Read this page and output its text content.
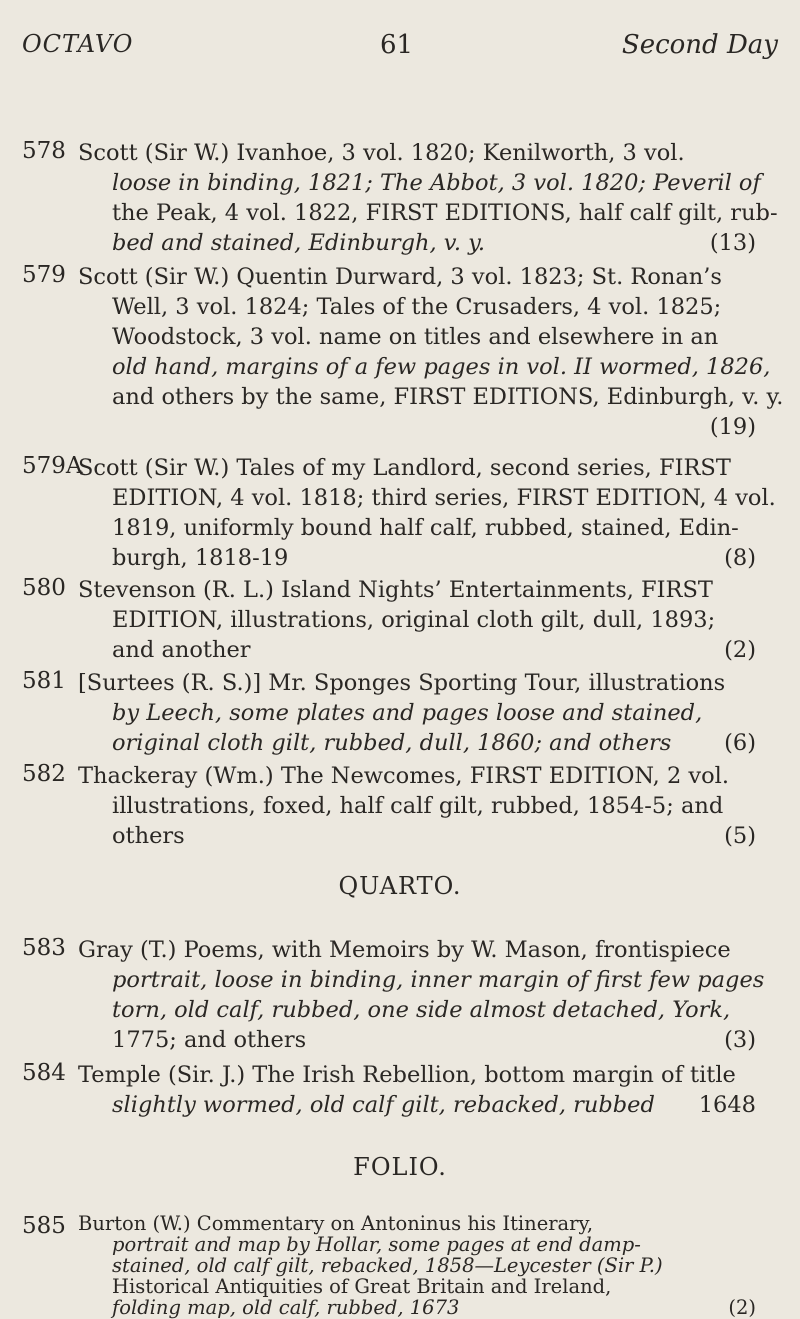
OCTAVO	61	Second Day
578 Scott (Sir W.) Ivanhoe, 3 vol. 1820; Kenilworth, 3 vol.
loose in binding, 1821; The Abbot, 3 vol. 1820; Peveril of
the Peak, 4 vol. 1822, FIRST EDITIONS, half calf gilt, rub-
bed and stained, Edinburgh, v. y.	(13)
579 Scott (Sir W.) Quentin Durward, 3 vol. 1823; St. Ronan’s
Well, 3 vol. 1824; Tales of the Crusaders, 4 vol. 1825;
Woodstock, 3 vol. name on titles and elsewhere in an
old hand, margins of a few pages in vol. II wormed, 1826,
and others by the same, FIRST EDITIONS, Edinburgh, v. y.
(19)

579A
Scott (Sir W.) Tales of my Landlord, second series, FIRST
EDITION, 4 vol. 1818; third series, FIRST EDITION, 4 vol.
1819, uniformly bound half calf, rubbed, stained, Edin-
burgh, 1818-19	(8)
580 Stevenson (R. L.) Island Nights’ Entertainments, FIRST
EDITION, illustrations, original cloth gilt, dull, 1893;
and another	(2)
581 [Surtees (R. S.)] Mr. Sponges Sporting Tour, illustrations
by Leech, some plates and pages loose and stained,
original cloth gilt, rubbed, dull, 1860; and others (6)
582 Thackeray (Wm.) The Newcomes, FIRST EDITION, 2 vol.
illustrations, foxed, half calf gilt, rubbed, 1854-5; and
others	(5)
QUARTO.
583 Gray (T.) Poems, with Memoirs by W. Mason, frontispiece
portrait, loose in binding, inner margin of first few pages
torn, old calf, rubbed, one side almost detached, York,
1775; and others	(3)
584 Temple (Sir. J.) The Irish Rebellion, bottom margin of title
slightly wormed, old calf gilt, rebacked, rubbed 1648
FOLIO.
585 Burton (W.) Commentary on Antoninus his Itinerary,
portrait and map by Hollar, some pages at end damp-
stained, old calf gilt, rebacked, 1858—Leycester (Sir P.)
Historical Antiquities of Great Britain and Ireland,
folding map, old calf, rubbed, 1673	(2)
